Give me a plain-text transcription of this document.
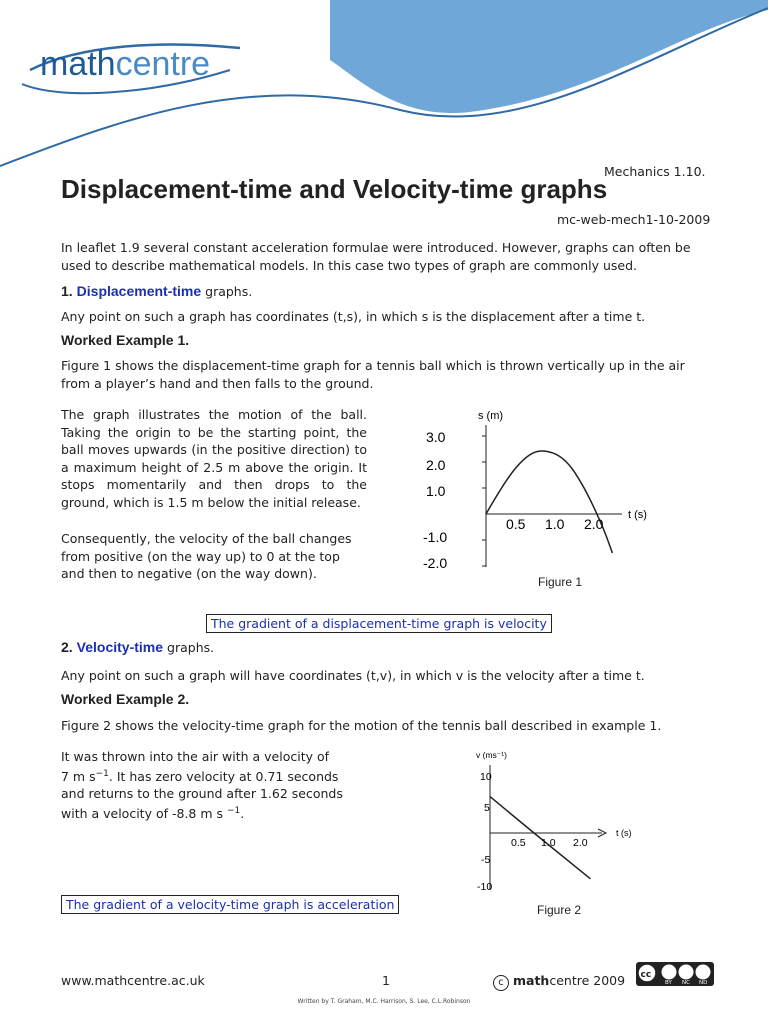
mathcentre
Mechanics 1.10.
Displacement-time and Velocity-time graphs
mc-web-mech1-10-2009
In leaflet 1.9 several constant acceleration formulae were introduced. However, graphs can often be used to describe mathematical models. In this case two types of graph are commonly used.
1. Displacement-time graphs.
Any point on such a graph has coordinates (t,s), in which s is the displacement after a time t.
Worked Example 1.
Figure 1 shows the displacement-time graph for a tennis ball which is thrown vertically up in the air from a player’s hand and then falls to the ground.
The graph illustrates the motion of the ball. Taking the origin to be the starting point, the ball moves upwards (in the positive direction) to a maximum height of 2.5 m above the origin. It stops momentarily and then drops to the ground, which is 1.5 m below the initial release.
Consequently, the velocity of the ball changes from positive (on the way up) to 0 at the top and then to negative (on the way down).
s (m)
t (s)
3.0
2.0
1.0
-1.0
-2.0
0.5 1.0 2.0
Figure 1
The gradient of a displacement-time graph is velocity
2. Velocity-time graphs.
Any point on such a graph will have coordinates (t,v), in which v is the velocity after a time t.
Worked Example 2.
Figure 2 shows the velocity-time graph for the motion of the tennis ball described in example 1.
It was thrown into the air with a velocity of
7 m $s^{-1}$. It has zero velocity at 0.71 seconds
and returns to the ground after 1.62 seconds
with a velocity of -8.8 m s $^{-1}$.
v (ms⁻¹)
t (s)
10
5
-5
-10
0.5 1.0 2.0
Figure 2
The gradient of a velocity-time graph is acceleration
www.mathcentre.ac.uk	1	c mathcentre 2009 cc
BY NC ND
Written by T. Graham, M.C. Harrison, S. Lee, C.L.Robinson
